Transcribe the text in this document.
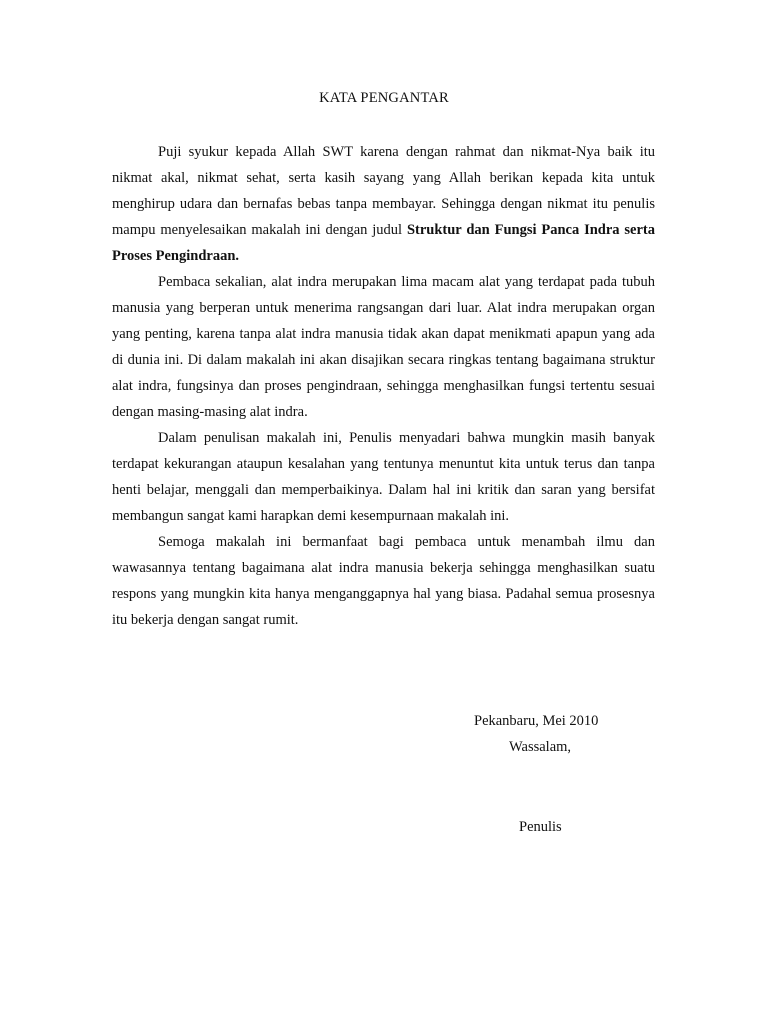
KATA PENGANTAR

Puji syukur kepada Allah SWT karena dengan rahmat dan nikmat-Nya baik itu nikmat akal, nikmat sehat, serta kasih sayang yang Allah berikan kepada kita untuk menghirup udara dan bernafas bebas tanpa membayar. Sehingga dengan nikmat itu penulis mampu menyelesaikan makalah ini dengan judul Struktur dan Fungsi Panca Indra serta Proses Pengindraan.

Pembaca sekalian, alat indra merupakan lima macam alat yang terdapat pada tubuh manusia yang berperan untuk menerima rangsangan dari luar. Alat indra merupakan organ yang penting, karena tanpa alat indra manusia tidak akan dapat menikmati apapun yang ada di dunia ini. Di dalam makalah ini akan disajikan secara ringkas tentang bagaimana struktur alat indra, fungsinya dan proses pengindraan, sehingga menghasilkan fungsi tertentu sesuai dengan masing-masing alat indra.

Dalam penulisan makalah ini, Penulis menyadari bahwa mungkin masih banyak terdapat kekurangan ataupun kesalahan yang tentunya menuntut kita untuk terus dan tanpa henti belajar, menggali dan memperbaikinya. Dalam hal ini kritik dan saran yang bersifat membangun sangat kami harapkan demi kesempurnaan makalah ini.

Semoga makalah ini bermanfaat bagi pembaca untuk menambah ilmu dan wawasannya tentang bagaimana alat indra manusia bekerja sehingga menghasilkan suatu respons yang mungkin kita hanya menganggapnya hal yang biasa. Padahal semua prosesnya itu bekerja dengan sangat rumit.

Pekanbaru, Mei 2010
Wassalam,
Penulis
